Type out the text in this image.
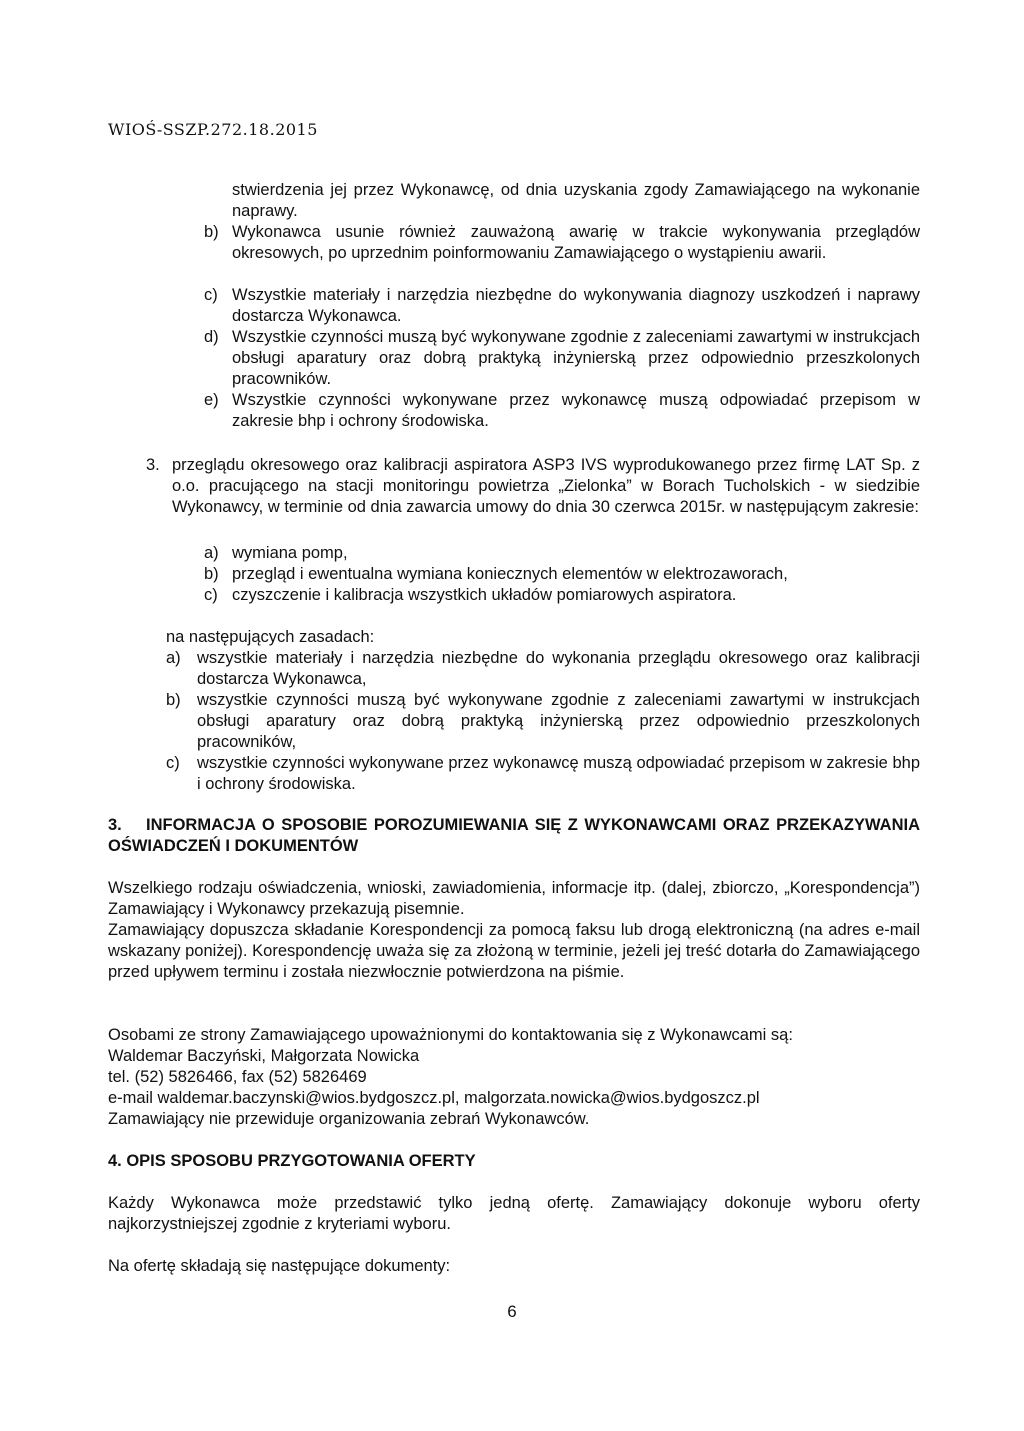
WIOŚ-SSZP.272.18.2015

stwierdzenia jej przez Wykonawcę, od dnia uzyskania zgody Zamawiającego na wykonanie naprawy.

b) Wykonawca usunie również zauważoną awarię w trakcie wykonywania przeglądów okresowych, po uprzednim poinformowaniu Zamawiającego o wystąpieniu awarii.

c) Wszystkie materiały i narzędzia niezbędne do wykonywania diagnozy uszkodzeń i naprawy dostarcza Wykonawca.

d) Wszystkie czynności muszą być wykonywane zgodnie z zaleceniami zawartymi w instrukcjach obsługi aparatury oraz dobrą praktyką inżynierską przez odpowiednio przeszkolonych pracowników.

e) Wszystkie czynności wykonywane przez wykonawcę muszą odpowiadać przepisom w zakresie bhp i ochrony środowiska.

3. przeglądu okresowego oraz kalibracji aspiratora ASP3 IVS wyprodukowanego przez firmę LAT Sp. z o.o. pracującego na stacji monitoringu powietrza „Zielonka” w Borach Tucholskich - w siedzibie Wykonawcy, w terminie od dnia zawarcia umowy do dnia 30 czerwca 2015r. w następującym zakresie:

a) wymiana pomp,

b) przegląd i ewentualna wymiana koniecznych elementów w elektrozaworach,

c) czyszczenie i kalibracja wszystkich układów pomiarowych aspiratora.

na następujących zasadach:

a) wszystkie materiały i narzędzia niezbędne do wykonania przeglądu okresowego oraz kalibracji dostarcza Wykonawca,

b) wszystkie czynności muszą być wykonywane zgodnie z zaleceniami zawartymi w instrukcjach obsługi aparatury oraz dobrą praktyką inżynierską przez odpowiednio przeszkolonych pracowników,

c) wszystkie czynności wykonywane przez wykonawcę muszą odpowiadać przepisom w zakresie bhp i ochrony środowiska.

3.	INFORMACJA O SPOSOBIE POROZUMIEWANIA SIĘ Z WYKONAWCAMI ORAZ PRZEKAZYWANIA OŚWIADCZEŃ I DOKUMENTÓW

Wszelkiego rodzaju oświadczenia, wnioski, zawiadomienia, informacje itp. (dalej, zbiorczo, „Korespondencja”) Zamawiający i Wykonawcy przekazują pisemnie.

Zamawiający dopuszcza składanie Korespondencji za pomocą faksu lub drogą elektroniczną (na adres e-mail wskazany poniżej). Korespondencję uważa się za złożoną w terminie, jeżeli jej treść dotarła do Zamawiającego przed upływem terminu i została niezwłocznie potwierdzona na piśmie.

Osobami ze strony Zamawiającego upoważnionymi do kontaktowania się z Wykonawcami są:

Waldemar Baczyński, Małgorzata Nowicka

tel. (52) 5826466, fax (52) 5826469

e-mail waldemar.baczynski@wios.bydgoszcz.pl, malgorzata.nowicka@wios.bydgoszcz.pl

Zamawiający nie przewiduje organizowania zebrań Wykonawców.

4. OPIS SPOSOBU PRZYGOTOWANIA OFERTY

Każdy Wykonawca może przedstawić tylko jedną ofertę. Zamawiający dokonuje wyboru oferty najkorzystniejszej zgodnie z kryteriami wyboru.

Na ofertę składają się następujące dokumenty:

6
